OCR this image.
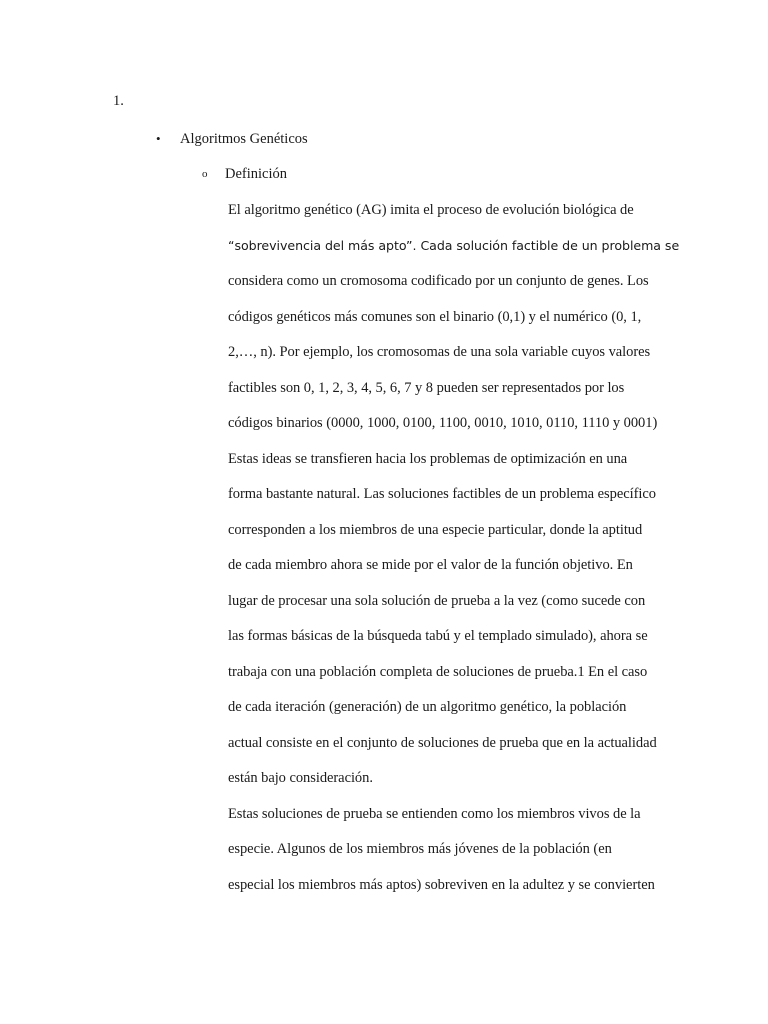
1.
• Algoritmos Genéticos
o Definición
El algoritmo genético (AG) imita el proceso de evolución biológica de
“sobrevivencia del más apto”. Cada solución factible de un problema se
considera como un cromosoma codificado por un conjunto de genes. Los
códigos genéticos más comunes son el binario (0,1) y el numérico (0, 1,
2,…, n). Por ejemplo, los cromosomas de una sola variable cuyos valores
factibles son 0, 1, 2, 3, 4, 5, 6, 7 y 8 pueden ser representados por los
códigos binarios (0000, 1000, 0100, 1100, 0010, 1010, 0110, 1110 y 0001)
Estas ideas se transfieren hacia los problemas de optimización en una
forma bastante natural. Las soluciones factibles de un problema específico
corresponden a los miembros de una especie particular, donde la aptitud
de cada miembro ahora se mide por el valor de la función objetivo. En
lugar de procesar una sola solución de prueba a la vez (como sucede con
las formas básicas de la búsqueda tabú y el templado simulado), ahora se
trabaja con una población completa de soluciones de prueba.1 En el caso
de cada iteración (generación) de un algoritmo genético, la población
actual consiste en el conjunto de soluciones de prueba que en la actualidad
están bajo consideración.
Estas soluciones de prueba se entienden como los miembros vivos de la
especie. Algunos de los miembros más jóvenes de la población (en
especial los miembros más aptos) sobreviven en la adultez y se convierten
